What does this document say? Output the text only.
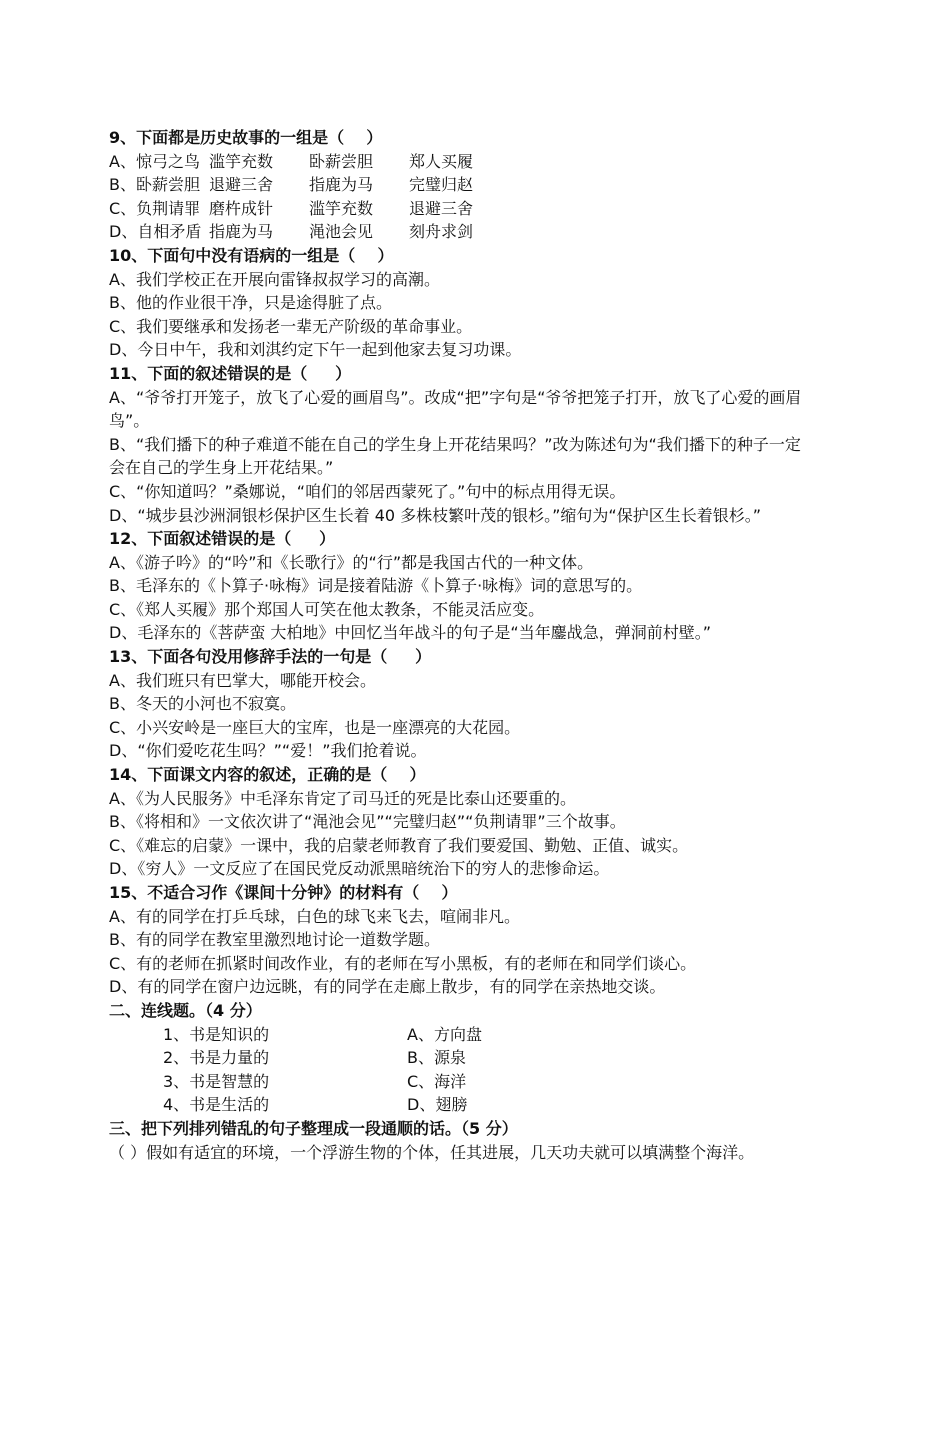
9、下面都是历史故事的一组是（    ）
A、惊弓之鸟 滥竽充数	卧薪尝胆	郑人买履
B、卧薪尝胆 退避三舍	指鹿为马	完璧归赵
C、负荆请罪 磨杵成针	滥竽充数	退避三舍
D、自相矛盾 指鹿为马	渑池会见	刻舟求剑
10、下面句中没有语病的一组是（    ）
A、我们学校正在开展向雷锋叔叔学习的高潮。
B、他的作业很干净，只是途得脏了点。
C、我们要继承和发扬老一辈无产阶级的革命事业。
D、今日中午，我和刘淇约定下午一起到他家去复习功课。
11、下面的叙述错误的是（     ）
A、“爷爷打开笼子，放飞了心爱的画眉鸟”。改成“把”字句是“爷爷把笼子打开，放飞了心爱的画眉鸟”。
B、“我们播下的种子难道不能在自己的学生身上开花结果吗？”改为陈述句为“我们播下的种子一定会在自己的学生身上开花结果。”
C、“你知道吗？”桑娜说，“咱们的邻居西蒙死了。”句中的标点用得无误。
D、“城步县沙洲洞银杉保护区生长着 40 多株枝繁叶茂的银杉。”缩句为“保护区生长着银杉。”
12、下面叙述错误的是（     ）
A、《游子吟》的“吟”和《长歌行》的“行”都是我国古代的一种文体。
B、毛泽东的《卜算子·咏梅》词是接着陆游《卜算子·咏梅》词的意思写的。
C、《郑人买履》那个郑国人可笑在他太教条，不能灵活应变。
D、毛泽东的《菩萨蛮 大柏地》中回忆当年战斗的句子是“当年鏖战急，弹洞前村壁。”
13、下面各句没用修辞手法的一句是（     ）
A、我们班只有巴掌大，哪能开校会。
B、冬天的小河也不寂寞。
C、小兴安岭是一座巨大的宝库，也是一座漂亮的大花园。
D、“你们爱吃花生吗？”“爱！”我们抢着说。
14、下面课文内容的叙述，正确的是（    ）
A、《为人民服务》中毛泽东肯定了司马迁的死是比泰山还要重的。
B、《将相和》一文依次讲了“渑池会见”“完璧归赵”“负荆请罪”三个故事。
C、《难忘的启蒙》一课中，我的启蒙老师教育了我们要爱国、勤勉、正值、诚实。
D、《穷人》一文反应了在国民党反动派黑暗统治下的穷人的悲惨命运。
15、不适合习作《课间十分钟》的材料有（    ）
A、有的同学在打乒乓球，白色的球飞来飞去，喧闹非凡。
B、有的同学在教室里激烈地讨论一道数学题。
C、有的老师在抓紧时间改作业，有的老师在写小黑板，有的老师在和同学们谈心。
D、有的同学在窗户边远眺，有的同学在走廊上散步，有的同学在亲热地交谈。
二、连线题。（4 分）
1、书是知识的	A、方向盘
2、书是力量的	B、源泉
3、书是智慧的	C、海洋
4、书是生活的	D、翅膀
三、把下列排列错乱的句子整理成一段通顺的话。（5 分）
（ ）假如有适宜的环境，一个浮游生物的个体，任其进展，几天功夫就可以填满整个海洋。
